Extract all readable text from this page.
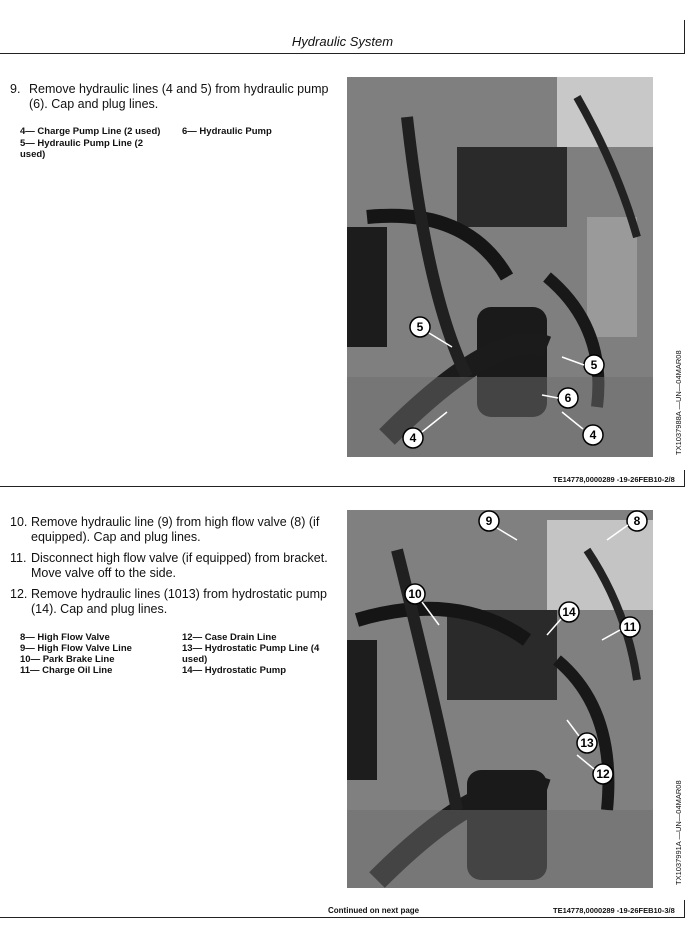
Hydraulic System
9. Remove hydraulic lines (4 and 5) from hydraulic pump (6). Cap and plug lines.
4— Charge Pump Line (2 used)
5— Hydraulic Pump Line (2 used)
6— Hydraulic Pump
5
5
6
4	4	TX1037988A —UN—04MAR08
TE14778,0000289 -19-26FEB10-2/8
10. Remove hydraulic line (9) from high flow valve (8) (if equipped). Cap and plug lines.
11. Disconnect high flow valve (if equipped) from bracket. Move valve off to the side.
12. Remove hydraulic lines (1013) from hydrostatic pump (14). Cap and plug lines.
8— High Flow Valve
9— High Flow Valve Line
10— Park Brake Line
11— Charge Oil Line
12— Case Drain Line
13— Hydrostatic Pump Line (4 used)
14— Hydrostatic Pump
9	8
10
14
11
13
12
TX1037991A —UN—04MAR08
Continued on next page	TE14778,0000289 -19-26FEB10-3/8
